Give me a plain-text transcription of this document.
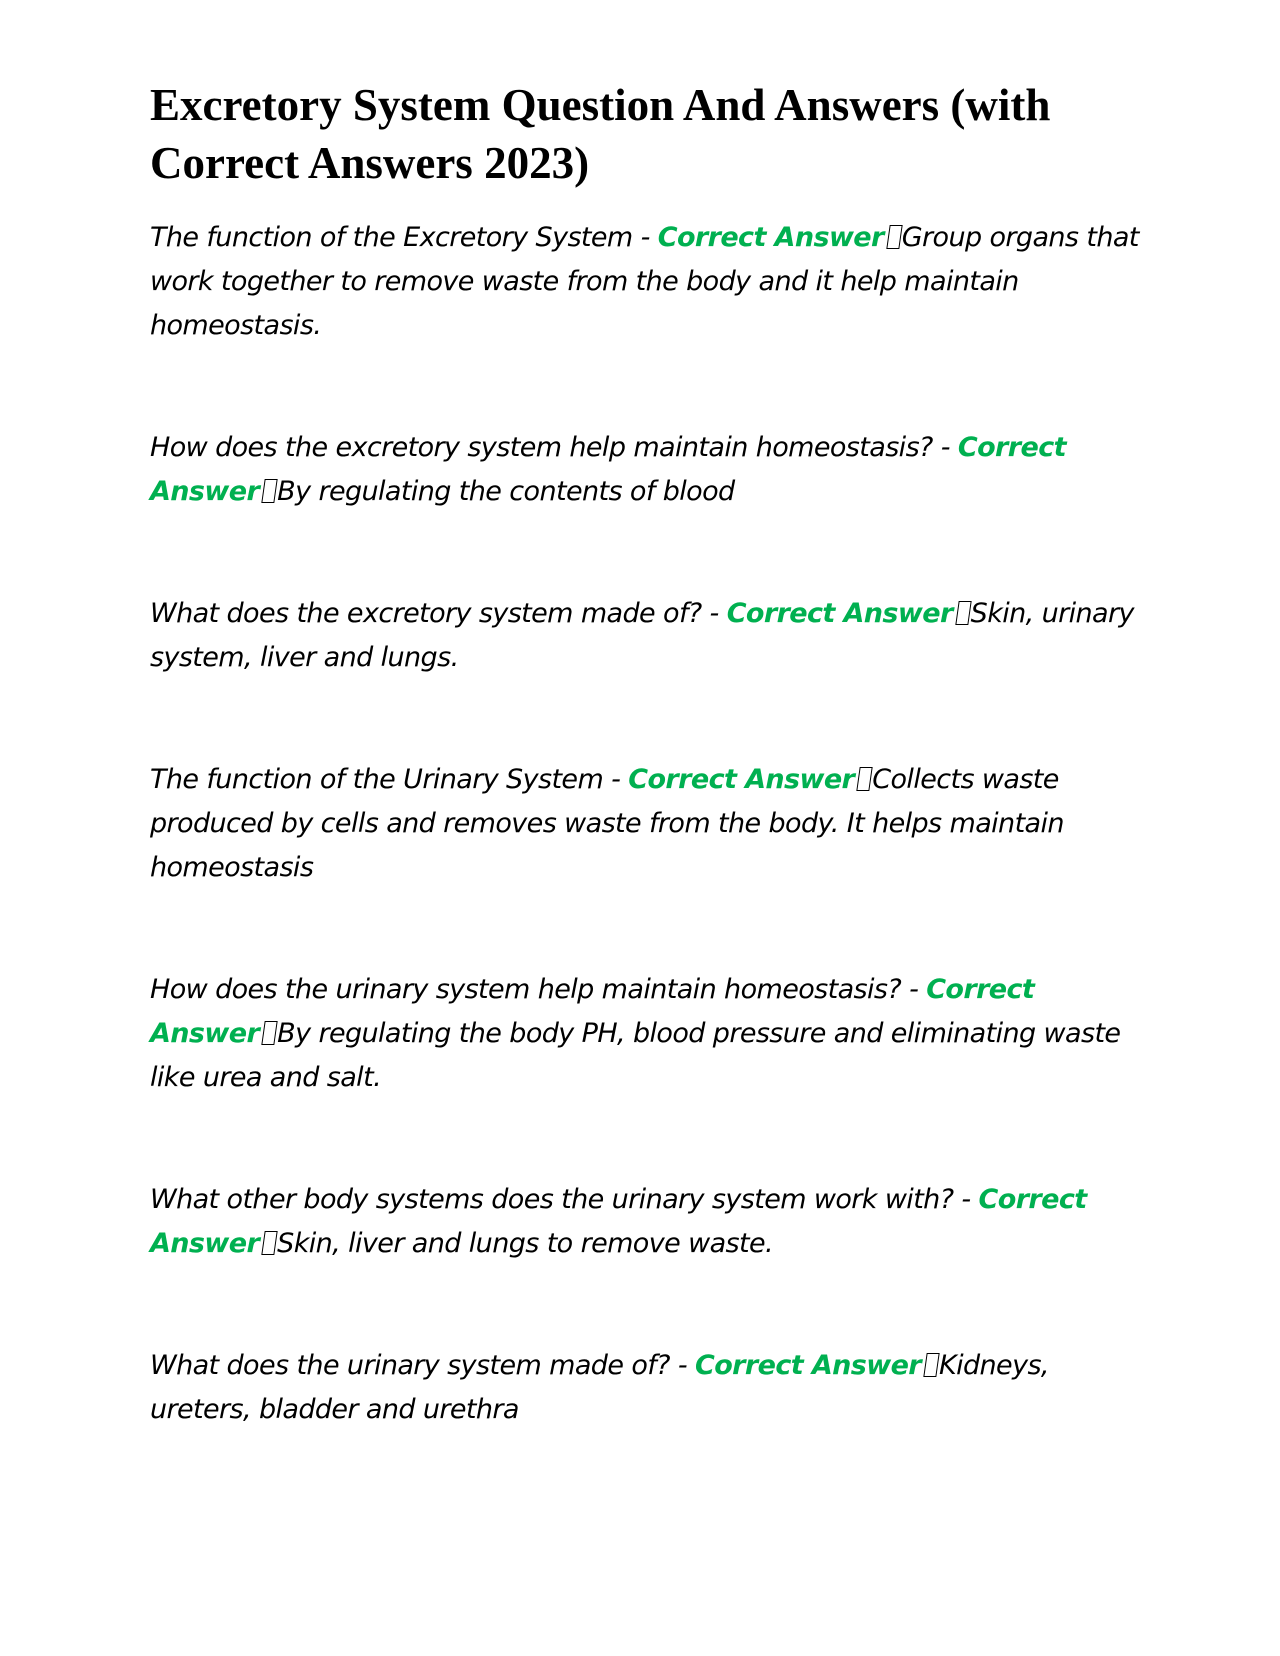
Excretory System Question And Answers (with Correct Answers 2023)

The function of the Excretory System - Correct Answer Group organs that work together to remove waste from the body and it help maintain homeostasis.

How does the excretory system help maintain homeostasis? - Correct Answer By regulating the contents of blood

What does the excretory system made of? - Correct Answer Skin, urinary system, liver and lungs.

The function of the Urinary System - Correct Answer Collects waste produced by cells and removes waste from the body. It helps maintain homeostasis

How does the urinary system help maintain homeostasis? - Correct Answer By regulating the body PH, blood pressure and eliminating waste like urea and salt.

What other body systems does the urinary system work with? - Correct Answer Skin, liver and lungs to remove waste.

What does the urinary system made of? - Correct Answer Kidneys, ureters, bladder and urethra
